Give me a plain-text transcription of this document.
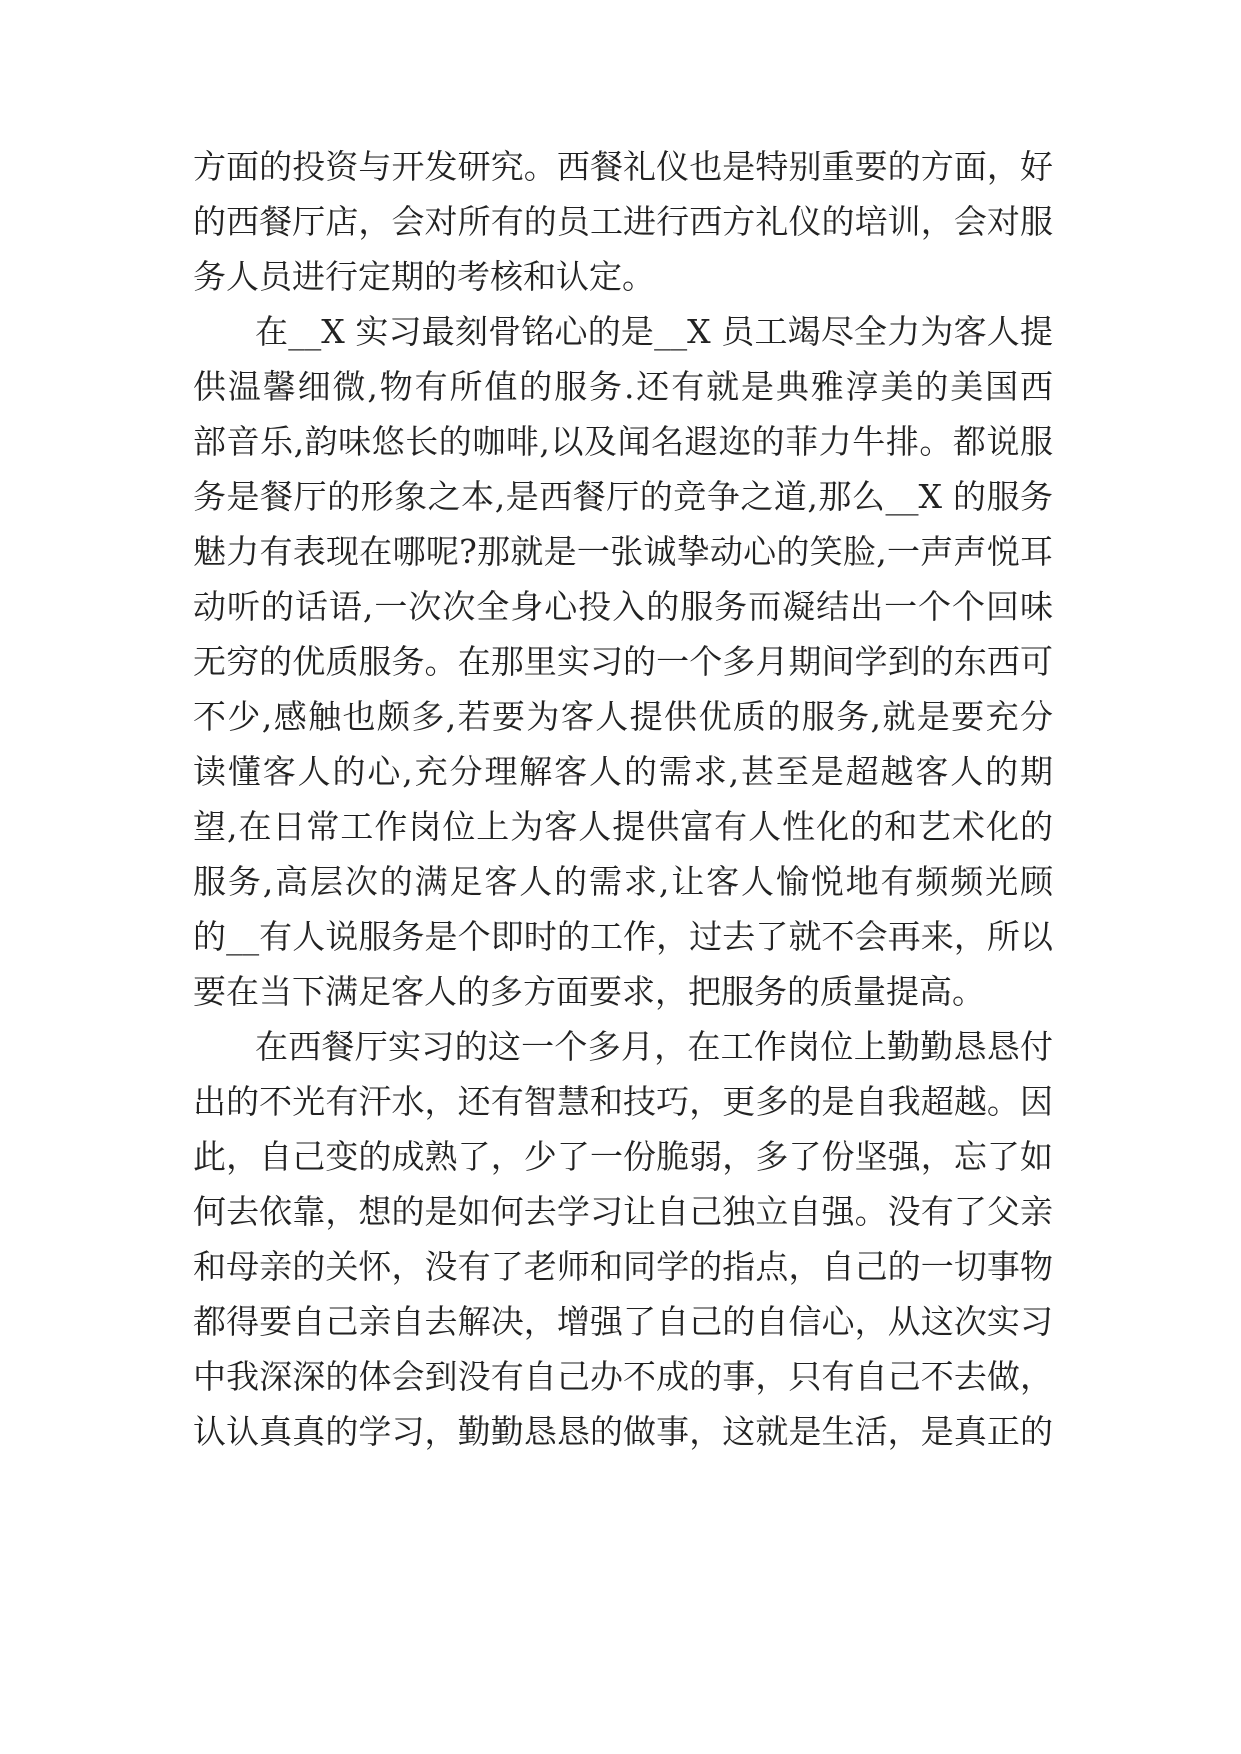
方面的投资与开发研究。西餐礼仪也是特别重要的方面，好
的西餐厅店，会对所有的员工进行西方礼仪的培训，会对服
务人员进行定期的考核和认定。
在__X 实习最刻骨铭心的是__X 员工竭尽全力为客人提
供温馨细微,物有所值的服务.还有就是典雅淳美的美国西
部音乐,韵味悠长的咖啡,以及闻名遐迩的菲力牛排。都说服
务是餐厅的形象之本,是西餐厅的竞争之道,那么__X 的服务
魅力有表现在哪呢?那就是一张诚挚动心的笑脸,一声声悦耳
动听的话语,一次次全身心投入的服务而凝结出一个个回味
无穷的优质服务。在那里实习的一个多月期间学到的东西可
不少,感触也颇多,若要为客人提供优质的服务,就是要充分
读懂客人的心,充分理解客人的需求,甚至是超越客人的期
望,在日常工作岗位上为客人提供富有人性化的和艺术化的
服务,高层次的满足客人的需求,让客人愉悦地有频频光顾
的__有人说服务是个即时的工作，过去了就不会再来，所以
要在当下满足客人的多方面要求，把服务的质量提高。
在西餐厅实习的这一个多月，在工作岗位上勤勤恳恳付
出的不光有汗水，还有智慧和技巧，更多的是自我超越。因
此，自己变的成熟了，少了一份脆弱，多了份坚强，忘了如
何去依靠，想的是如何去学习让自己独立自强。没有了父亲
和母亲的关怀，没有了老师和同学的指点，自己的一切事物
都得要自己亲自去解决，增强了自己的自信心，从这次实习
中我深深的体会到没有自己办不成的事，只有自己不去做，
认认真真的学习，勤勤恳恳的做事，这就是生活，是真正的
